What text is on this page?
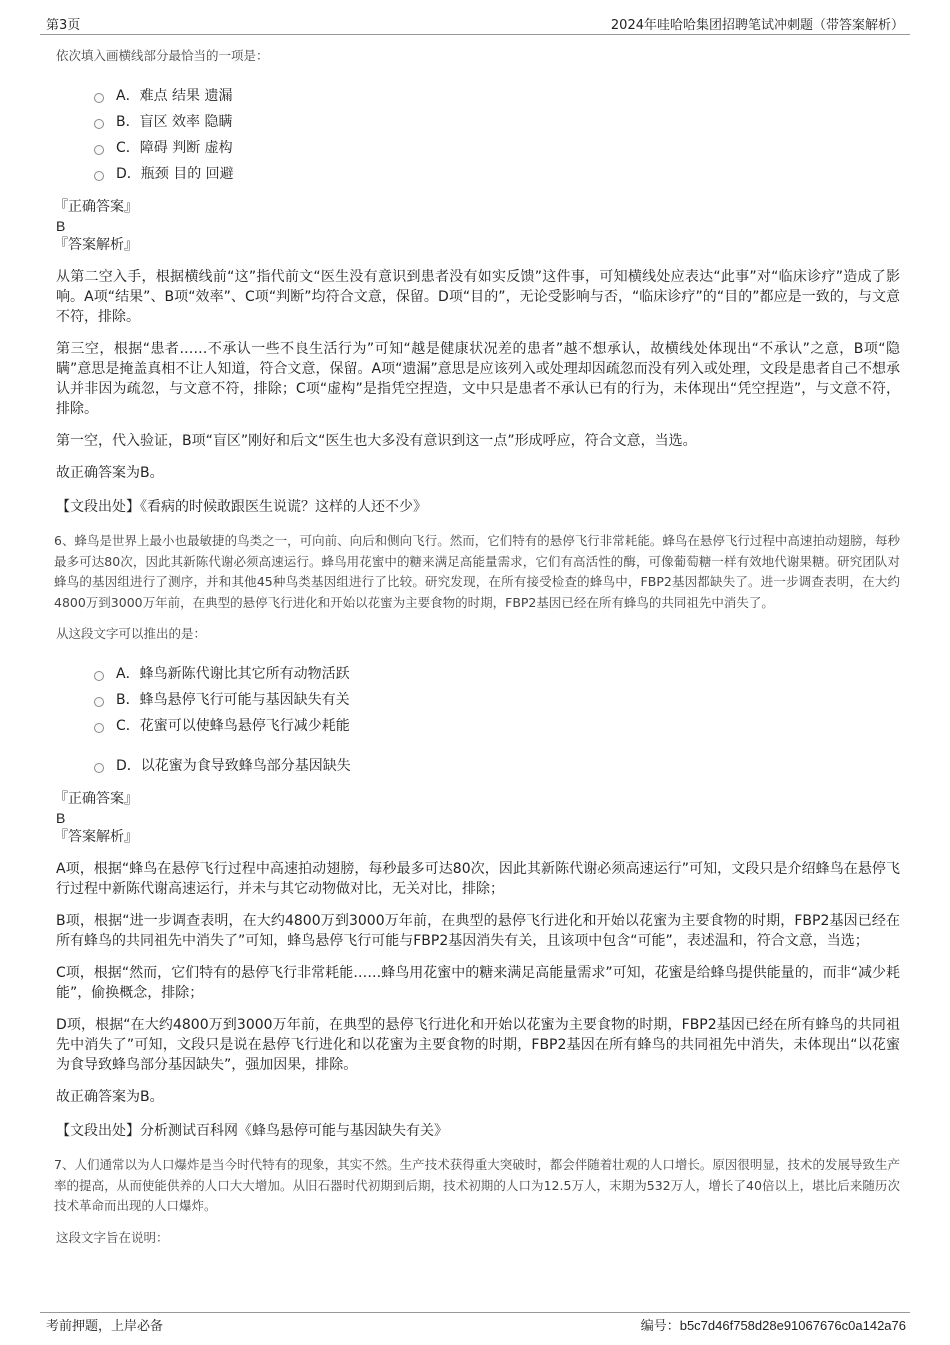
第3页	2024年哇哈哈集团招聘笔试冲刺题（带答案解析）

依次填入画横线部分最恰当的一项是：

A．难点 结果 遗漏
B．盲区 效率 隐瞒
C．障碍 判断 虚构
D．瓶颈 目的 回避

『正确答案』

B

『答案解析』

从第二空入手，根据横线前“这”指代前文“医生没有意识到患者没有如实反馈”这件事，可知横线处应表达“此事”对“临床诊疗”造成了影响。A项“结果”、B项“效率”、C项“判断”均符合文意，保留。D项“目的”，无论受影响与否，“临床诊疗”的“目的”都应是一致的，与文意不符，排除。

第三空，根据“患者……不承认一些不良生活行为”可知“越是健康状况差的患者”越不想承认，故横线处体现出“不承认”之意，B项“隐瞒”意思是掩盖真相不让人知道，符合文意，保留。A项“遗漏”意思是应该列入或处理却因疏忽而没有列入或处理，文段是患者自己不想承认并非因为疏忽，与文意不符，排除；C项“虚构”是指凭空捏造，文中只是患者不承认已有的行为，未体现出“凭空捏造”，与文意不符，排除。

第一空，代入验证，B项“盲区”刚好和后文“医生也大多没有意识到这一点”形成呼应，符合文意，当选。

故正确答案为B。

【文段出处】《看病的时候敢跟医生说谎？这样的人还不少》

6、蜂鸟是世界上最小也最敏捷的鸟类之一，可向前、向后和侧向飞行。然而，它们特有的悬停飞行非常耗能。蜂鸟在悬停飞行过程中高速拍动翅膀，每秒最多可达80次，因此其新陈代谢必须高速运行。蜂鸟用花蜜中的糖来满足高能量需求，它们有高活性的酶，可像葡萄糖一样有效地代谢果糖。研究团队对蜂鸟的基因组进行了测序，并和其他45种鸟类基因组进行了比较。研究发现，在所有接受检查的蜂鸟中，FBP2基因都缺失了。进一步调查表明，在大约4800万到3000万年前，在典型的悬停飞行进化和开始以花蜜为主要食物的时期，FBP2基因已经在所有蜂鸟的共同祖先中消失了。

从这段文字可以推出的是：

A．蜂鸟新陈代谢比其它所有动物活跃
B．蜂鸟悬停飞行可能与基因缺失有关
C．花蜜可以使蜂鸟悬停飞行减少耗能
D．以花蜜为食导致蜂鸟部分基因缺失

『正确答案』

B

『答案解析』

A项，根据“蜂鸟在悬停飞行过程中高速拍动翅膀，每秒最多可达80次，因此其新陈代谢必须高速运行”可知，文段只是介绍蜂鸟在悬停飞行过程中新陈代谢高速运行，并未与其它动物做对比，无关对比，排除；

B项，根据“进一步调查表明，在大约4800万到3000万年前，在典型的悬停飞行进化和开始以花蜜为主要食物的时期，FBP2基因已经在所有蜂鸟的共同祖先中消失了”可知，蜂鸟悬停飞行可能与FBP2基因消失有关，且该项中包含“可能”，表述温和，符合文意，当选；

C项，根据“然而，它们特有的悬停飞行非常耗能……蜂鸟用花蜜中的糖来满足高能量需求”可知，花蜜是给蜂鸟提供能量的，而非“减少耗能”，偷换概念，排除；

D项，根据“在大约4800万到3000万年前，在典型的悬停飞行进化和开始以花蜜为主要食物的时期，FBP2基因已经在所有蜂鸟的共同祖先中消失了”可知，文段只是说在悬停飞行进化和以花蜜为主要食物的时期，FBP2基因在所有蜂鸟的共同祖先中消失，未体现出“以花蜜为食导致蜂鸟部分基因缺失”，强加因果，排除。

故正确答案为B。

【文段出处】分析测试百科网《蜂鸟悬停可能与基因缺失有关》

7、人们通常以为人口爆炸是当今时代特有的现象，其实不然。生产技术获得重大突破时，都会伴随着壮观的人口增长。原因很明显，技术的发展导致生产率的提高，从而使能供养的人口大大增加。从旧石器时代初期到后期，技术初期的人口为12.5万人，末期为532万人，增长了40倍以上，堪比后来随历次技术革命而出现的人口爆炸。

这段文字旨在说明：

考前押题，上岸必备	编号：b5c7d46f758d28e91067676c0a142a76
